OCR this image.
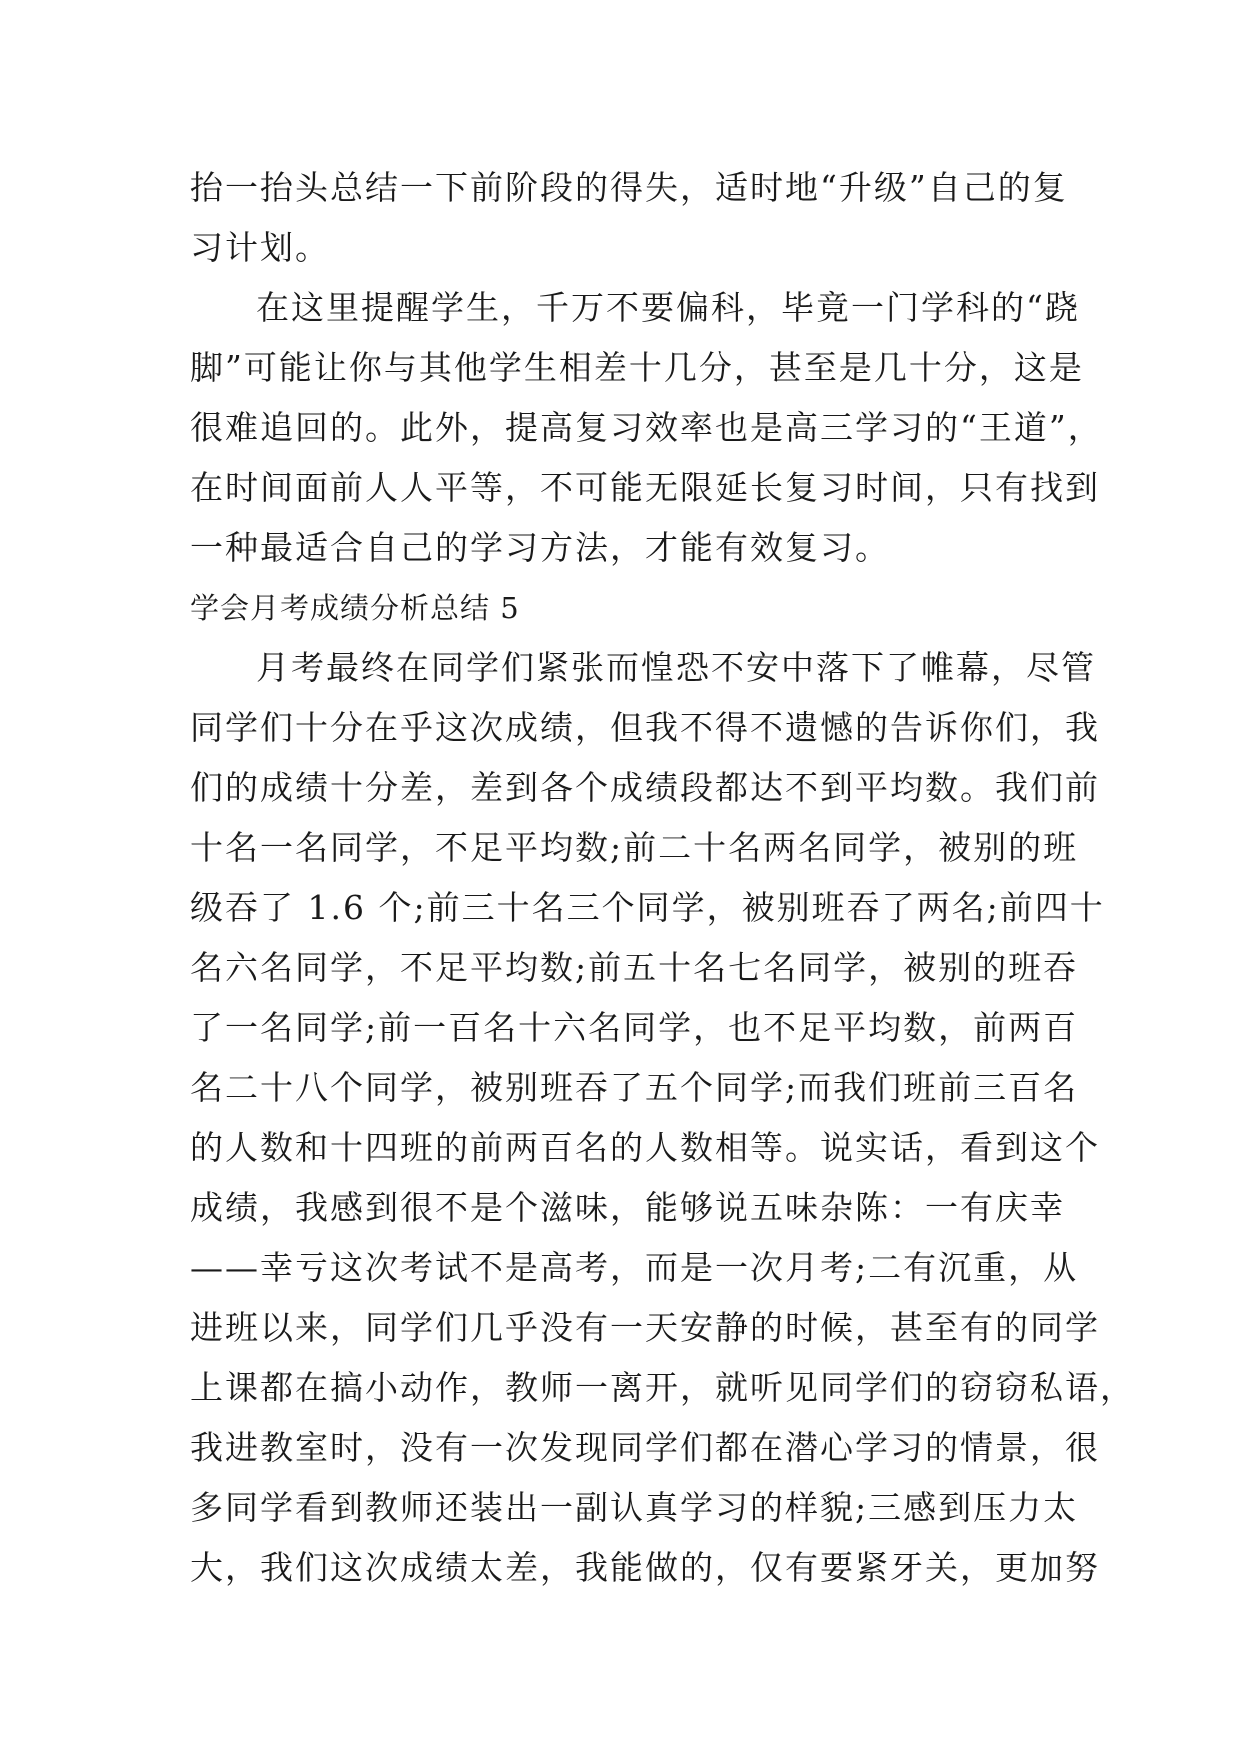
抬一抬头总结一下前阶段的得失，适时地“升级”自己的复
习计划。
在这里提醒学生，千万不要偏科，毕竟一门学科的“跷
脚”可能让你与其他学生相差十几分，甚至是几十分，这是
很难追回的。此外，提高复习效率也是高三学习的“王道”，
在时间面前人人平等，不可能无限延长复习时间，只有找到
一种最适合自己的学习方法，才能有效复习。
学会月考成绩分析总结 5
月考最终在同学们紧张而惶恐不安中落下了帷幕，尽管
同学们十分在乎这次成绩，但我不得不遗憾的告诉你们，我
们的成绩十分差，差到各个成绩段都达不到平均数。我们前
十名一名同学，不足平均数;前二十名两名同学，被别的班
级吞了 1.6 个;前三十名三个同学，被别班吞了两名;前四十
名六名同学，不足平均数;前五十名七名同学，被别的班吞
了一名同学;前一百名十六名同学，也不足平均数，前两百
名二十八个同学，被别班吞了五个同学;而我们班前三百名
的人数和十四班的前两百名的人数相等。说实话，看到这个
成绩，我感到很不是个滋味，能够说五味杂陈：一有庆幸
——幸亏这次考试不是高考，而是一次月考;二有沉重，从
进班以来，同学们几乎没有一天安静的时候，甚至有的同学
上课都在搞小动作，教师一离开，就听见同学们的窃窃私语，
我进教室时，没有一次发现同学们都在潜心学习的情景，很
多同学看到教师还装出一副认真学习的样貌;三感到压力太
大，我们这次成绩太差，我能做的，仅有要紧牙关，更加努
